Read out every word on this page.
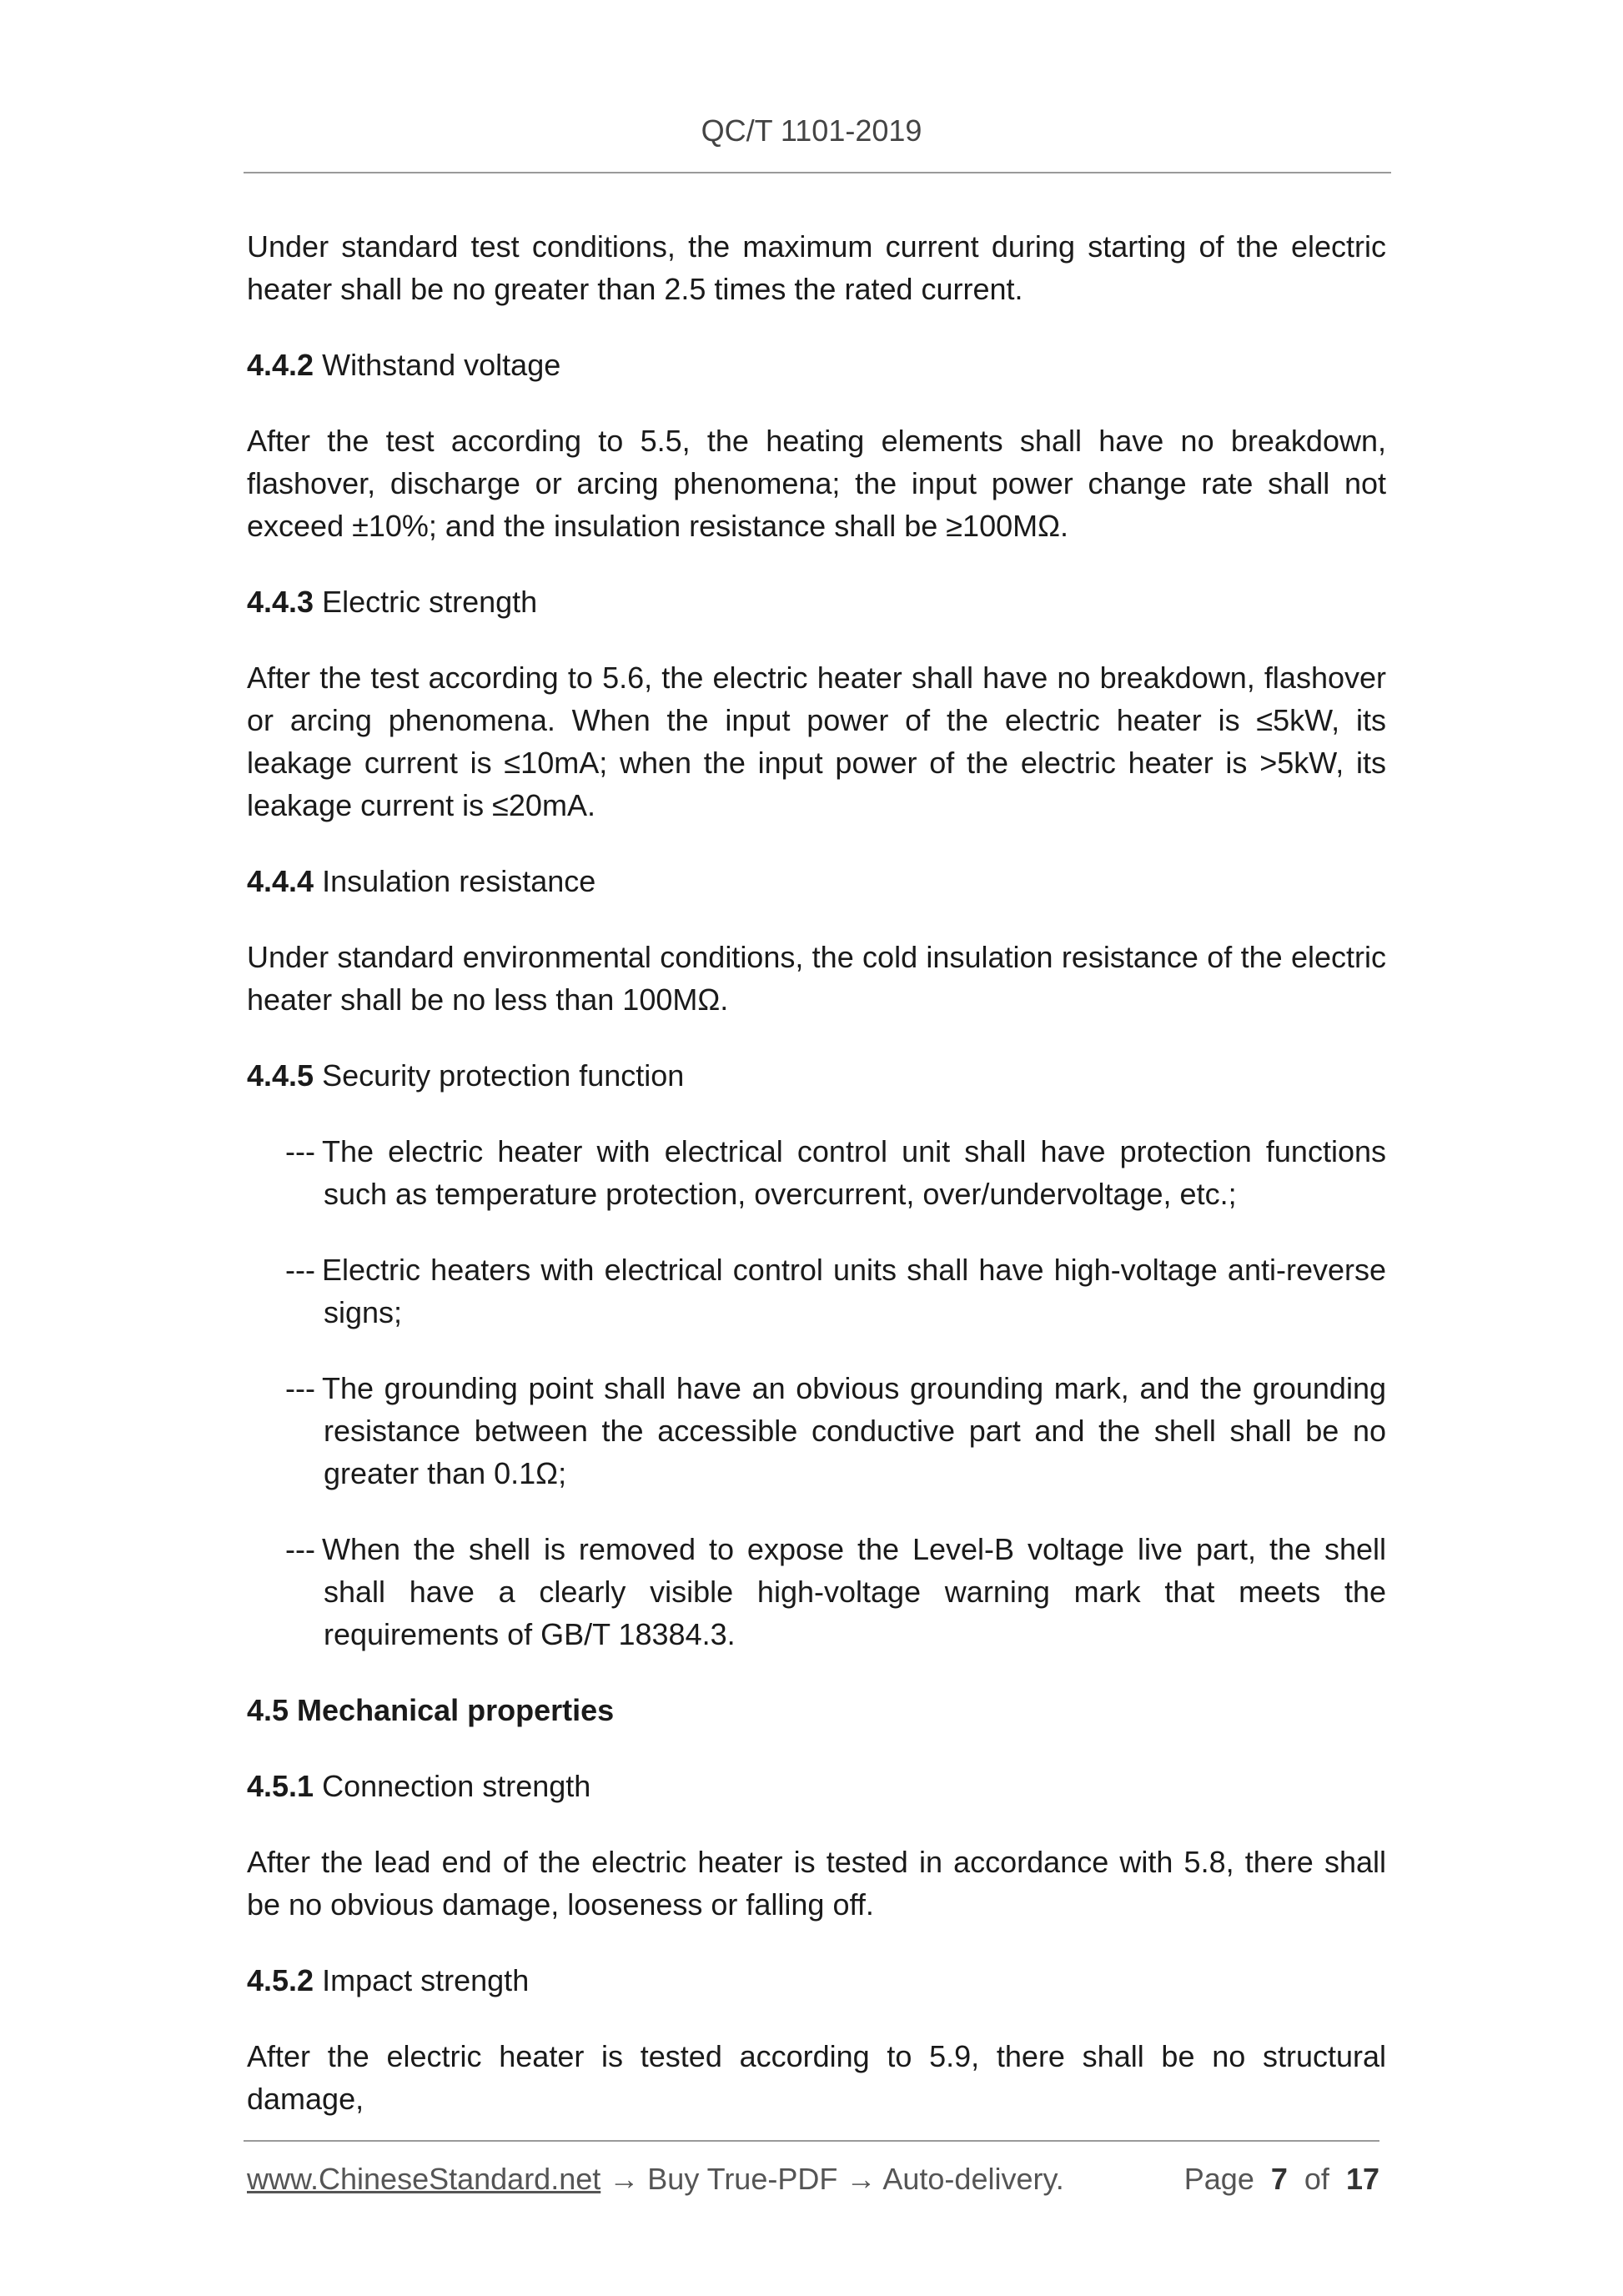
QC/T 1101-2019

Under standard test conditions, the maximum current during starting of the electric heater shall be no greater than 2.5 times the rated current.

4.4.2 Withstand voltage

After the test according to 5.5, the heating elements shall have no breakdown, flashover, discharge or arcing phenomena; the input power change rate shall not exceed ±10%; and the insulation resistance shall be ≥100MΩ.

4.4.3 Electric strength

After the test according to 5.6, the electric heater shall have no breakdown, flashover or arcing phenomena. When the input power of the electric heater is ≤5kW, its leakage current is ≤10mA; when the input power of the electric heater is >5kW, its leakage current is ≤20mA.

4.4.4 Insulation resistance

Under standard environmental conditions, the cold insulation resistance of the electric heater shall be no less than 100MΩ.

4.4.5 Security protection function

--- The electric heater with electrical control unit shall have protection functions such as temperature protection, overcurrent, over/undervoltage, etc.;

--- Electric heaters with electrical control units shall have high-voltage anti-reverse signs;

--- The grounding point shall have an obvious grounding mark, and the grounding resistance between the accessible conductive part and the shell shall be no greater than 0.1Ω;

--- When the shell is removed to expose the Level-B voltage live part, the shell shall have a clearly visible high-voltage warning mark that meets the requirements of GB/T 18384.3.

4.5 Mechanical properties

4.5.1 Connection strength

After the lead end of the electric heater is tested in accordance with 5.8, there shall be no obvious damage, looseness or falling off.

4.5.2 Impact strength

After the electric heater is tested according to 5.9, there shall be no structural damage,

www.ChineseStandard.net → Buy True-PDF → Auto-delivery.	Page 7 of 17
